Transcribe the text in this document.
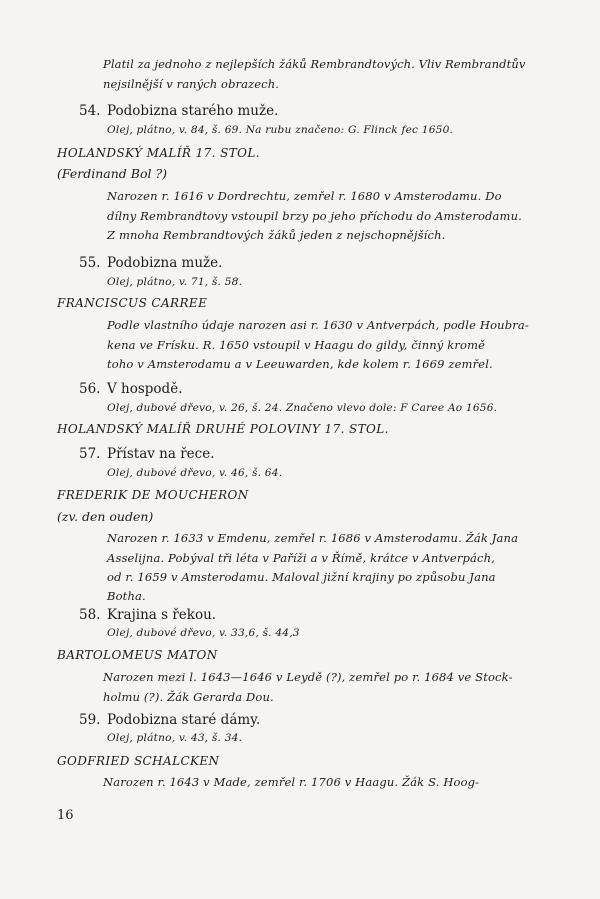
Platil za jednoho z nejlepších žáků Rembrandtových. Vliv Rembrandtův
nejsilnější v raných obrazech.
54. Podobizna starého muže.
Olej, plátno, v. 84, š. 69. Na rubu značeno: G. Flinck fec 1650.
HOLANDSKÝ MALÍŘ 17. STOL.
(Ferdinand Bol ?)
Narozen r. 1616 v Dordrechtu, zemřel r. 1680 v Amsterodamu. Do
dílny Rembrandtovy vstoupil brzy po jeho příchodu do Amsterodamu.
Z mnoha Rembrandtových žáků jeden z nejschopnějších.
55. Podobizna muže.
Olej, plátno, v. 71, š. 58.
FRANCISCUS CARREE
Podle vlastního údaje narozen asi r. 1630 v Antverpách, podle Houbra-
kena ve Frísku. R. 1650 vstoupil v Haagu do gildy, činný kromě
toho v Amsterodamu a v Leeuwarden, kde kolem r. 1669 zemřel.
56. V hospodě.
Olej, dubové dřevo, v. 26, š. 24. Značeno vlevo dole: F Caree Ao 1656.
HOLANDSKÝ MALÍŘ DRUHÉ POLOVINY 17. STOL.
57. Přístav na řece.
Olej, dubové dřevo, v. 46, š. 64.
FREDERIK DE MOUCHERON
(zv. den ouden)
Narozen r. 1633 v Emdenu, zemřel r. 1686 v Amsterodamu. Žák Jana
Asselijna. Pobýval tři léta v Paříži a v Římě, krátce v Antverpách,
od r. 1659 v Amsterodamu. Maloval jižní krajiny po způsobu Jana
Botha.
58. Krajina s řekou.
Olej, dubové dřevo, v. 33,6, š. 44,3
BARTOLOMEUS MATON
Narozen mezi l. 1643—1646 v Leydě (?), zemřel po r. 1684 ve Stock-
holmu (?). Žák Gerarda Dou.
59. Podobizna staré dámy.
Olej, plátno, v. 43, š. 34.
GODFRIED SCHALCKEN
Narozen r. 1643 v Made, zemřel r. 1706 v Haagu. Žák S. Hoog-
16
